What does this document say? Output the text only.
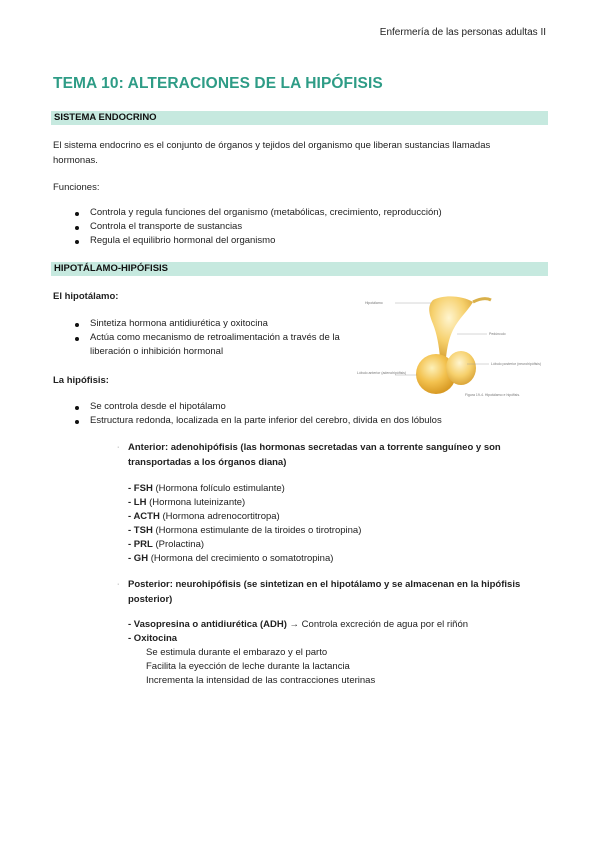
Enfermería de las personas adultas II
TEMA 10: ALTERACIONES DE LA HIPÓFISIS
SISTEMA ENDOCRINO
El sistema endocrino es el conjunto de órganos y tejidos del organismo que liberan sustancias llamadas
hormonas.
Funciones:
Controla y regula funciones del organismo (metabólicas, crecimiento, reproducción)
Controla el transporte de sustancias
Regula el equilibrio hormonal del organismo
HIPOTÁLAMO-HIPÓFISIS
El hipotálamo:
Sintetiza hormona antidiurética y oxitocina
Actúa como mecanismo de retroalimentación a través de la
liberación o inhibición hormonal
Hipotálamo
Pedúnculo
Lóbulo posterior (neurohipófisis)
Lóbulo anterior (adenohipófisis)
Figura 19-4. Hipotálamo e hipófisis.
La hipófisis:
Se controla desde el hipotálamo
Estructura redonda, localizada en la parte inferior del cerebro, divida en dos lóbulos
· Anterior: adenohipófisis (las hormonas secretadas van a torrente sanguíneo y son
transportadas a los órganos diana)
- FSH (Hormona folículo estimulante)
- LH (Hormona luteinizante)
- ACTH (Hormona adrenocortitropa)
- TSH (Hormona estimulante de la tiroides o tirotropina)
- PRL (Prolactina)
- GH (Hormona del crecimiento o somatotropina)
· Posterior: neurohipófisis (se sintetizan en el hipotálamo y se almacenan en la hipófisis
posterior)
- Vasopresina o antidiurética (ADH) → Controla excreción de agua por el riñón
- Oxitocina
Se estimula durante el embarazo y el parto
Facilita la eyección de leche durante la lactancia
Incrementa la intensidad de las contracciones uterinas
